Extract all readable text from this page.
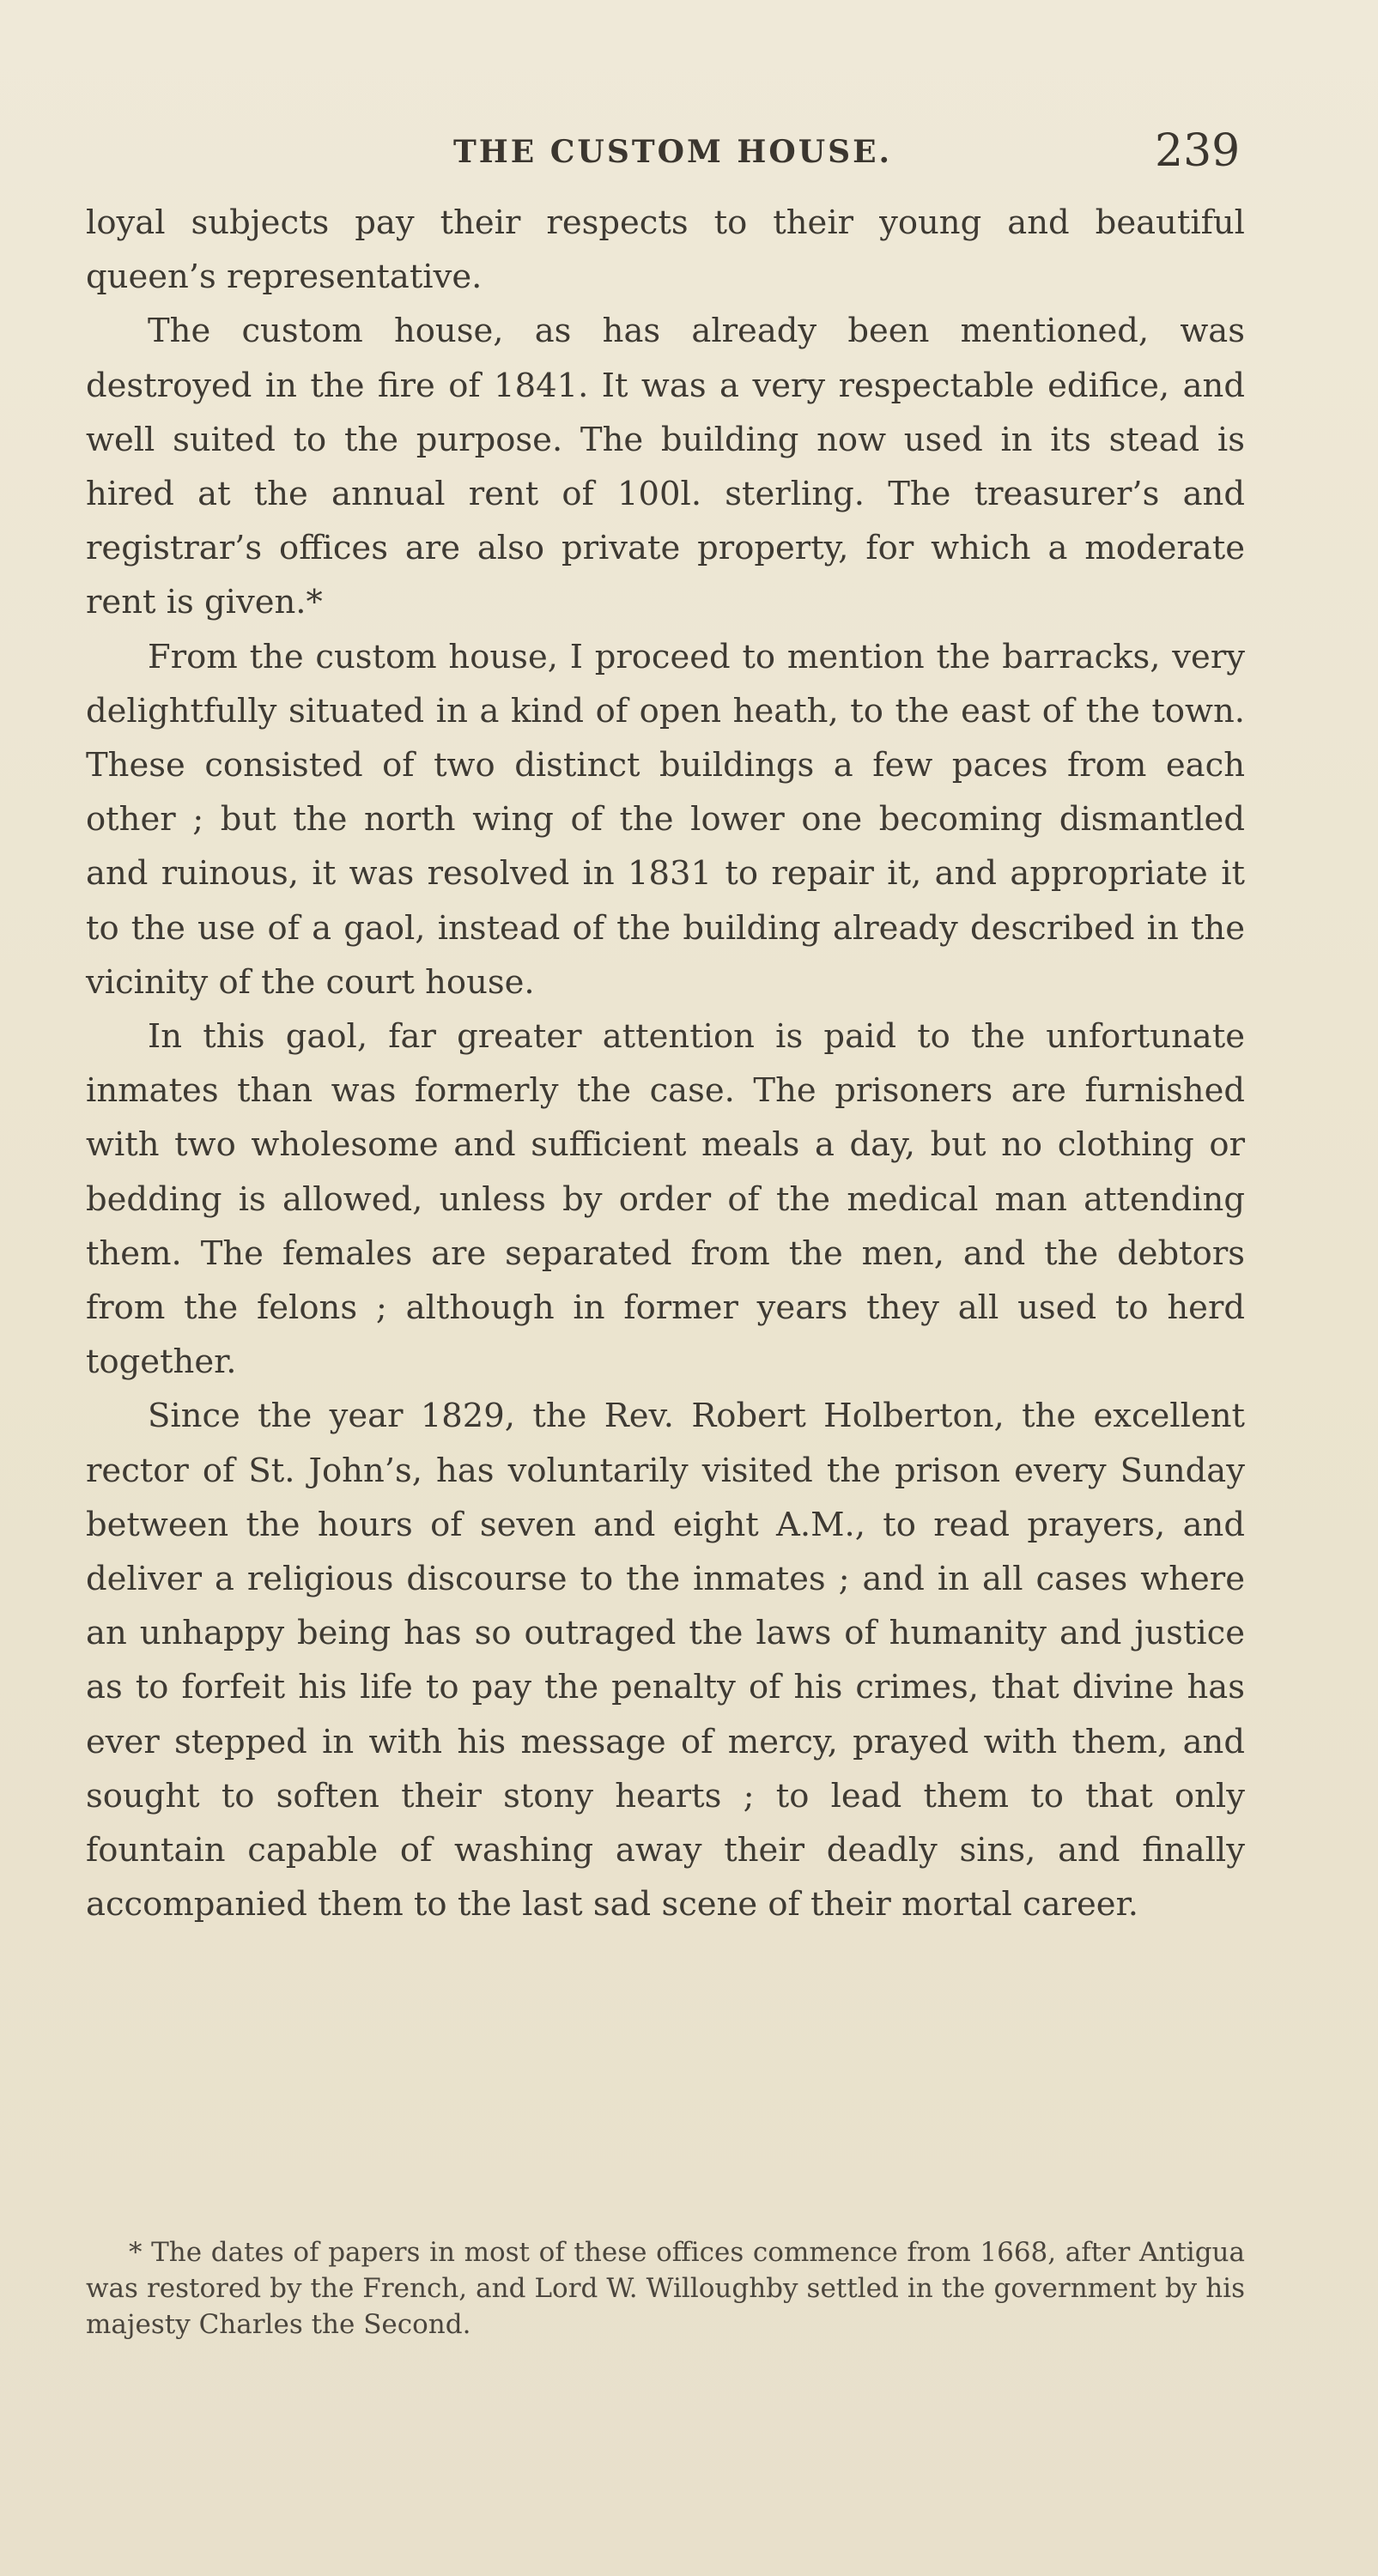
THE CUSTOM HOUSE.	239

loyal subjects pay their respects to their young and beautiful queen’s representative.

The custom house, as has already been mentioned, was destroyed in the fire of 1841. It was a very respectable edifice, and well suited to the purpose. The building now used in its stead is hired at the annual rent of 100l. sterling. The treasurer’s and registrar’s offices are also private property, for which a moderate rent is given.*

From the custom house, I proceed to mention the barracks, very delightfully situated in a kind of open heath, to the east of the town. These consisted of two distinct buildings a few paces from each other ; but the north wing of the lower one becoming dismantled and ruinous, it was resolved in 1831 to repair it, and appropriate it to the use of a gaol, instead of the building already described in the vicinity of the court house.

In this gaol, far greater attention is paid to the unfortunate inmates than was formerly the case. The prisoners are furnished with two wholesome and sufficient meals a day, but no clothing or bedding is allowed, unless by order of the medical man attending them. The females are separated from the men, and the debtors from the felons ; although in former years they all used to herd together.

Since the year 1829, the Rev. Robert Holberton, the excellent rector of St. John’s, has voluntarily visited the prison every Sunday between the hours of seven and eight A.M., to read prayers, and deliver a religious discourse to the inmates ; and in all cases where an unhappy being has so outraged the laws of humanity and justice as to forfeit his life to pay the penalty of his crimes, that divine has ever stepped in with his message of mercy, prayed with them, and sought to soften their stony hearts ; to lead them to that only fountain capable of washing away their deadly sins, and finally accompanied them to the last sad scene of their mortal career.

* The dates of papers in most of these offices commence from 1668, after Antigua was restored by the French, and Lord W. Willoughby settled in the government by his majesty Charles the Second.
